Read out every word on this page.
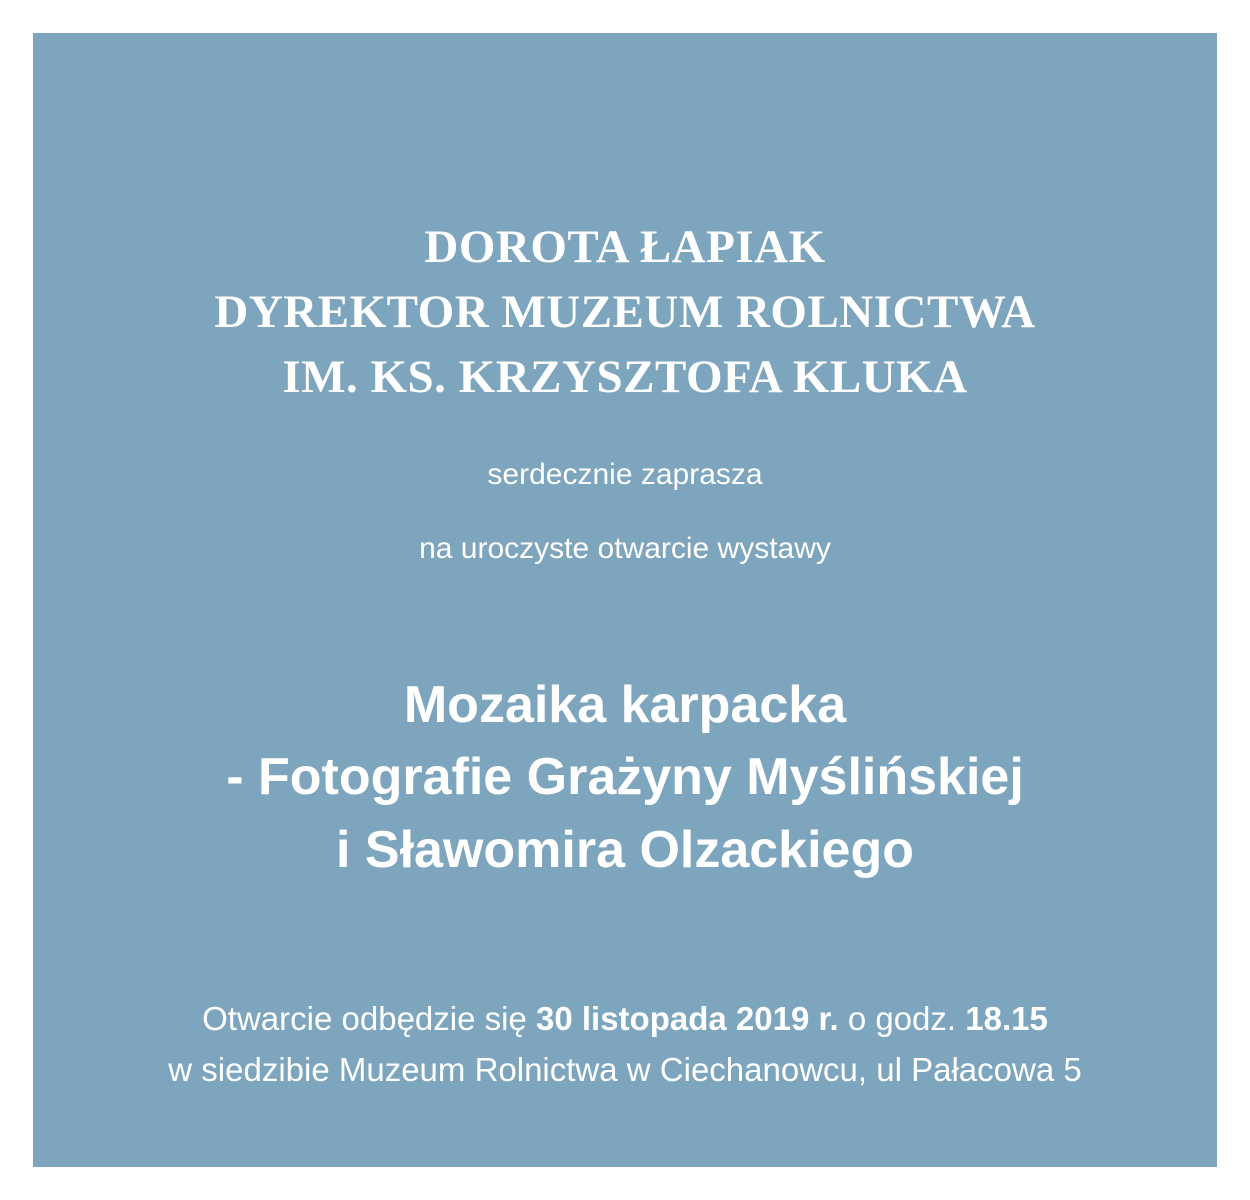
DOROTA ŁAPIAK
DYREKTOR MUZEUM ROLNICTWA
IM. KS. KRZYSZTOFA KLUKA
serdecznie zaprasza
na uroczyste otwarcie wystawy
Mozaika karpacka
- Fotografie Grażyny Myślińskiej
i Sławomira Olzackiego
Otwarcie odbędzie się 30 listopada 2019 r. o godz. 18.15
w siedzibie Muzeum Rolnictwa w Ciechanowcu, ul Pałacowa 5
